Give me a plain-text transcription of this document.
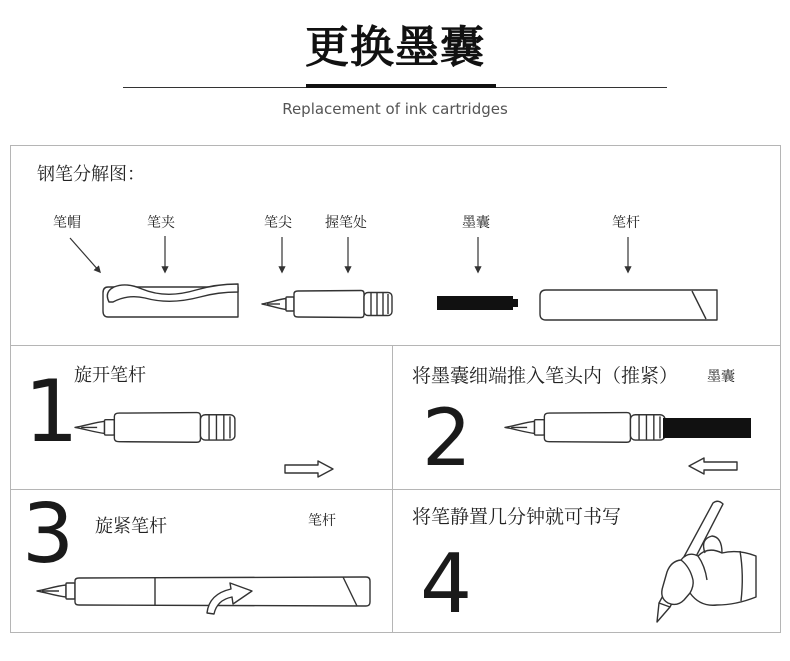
更换墨囊
Replacement of ink cartridges
钢笔分解图：
笔帽	笔夹	笔尖 握笔处	墨囊	笔杆
1
旋开笔杆
2
将墨囊细端推入笔头内（推紧） 墨囊
3 旋紧笔杆	笔杆
4
将笔静置几分钟就可书写
